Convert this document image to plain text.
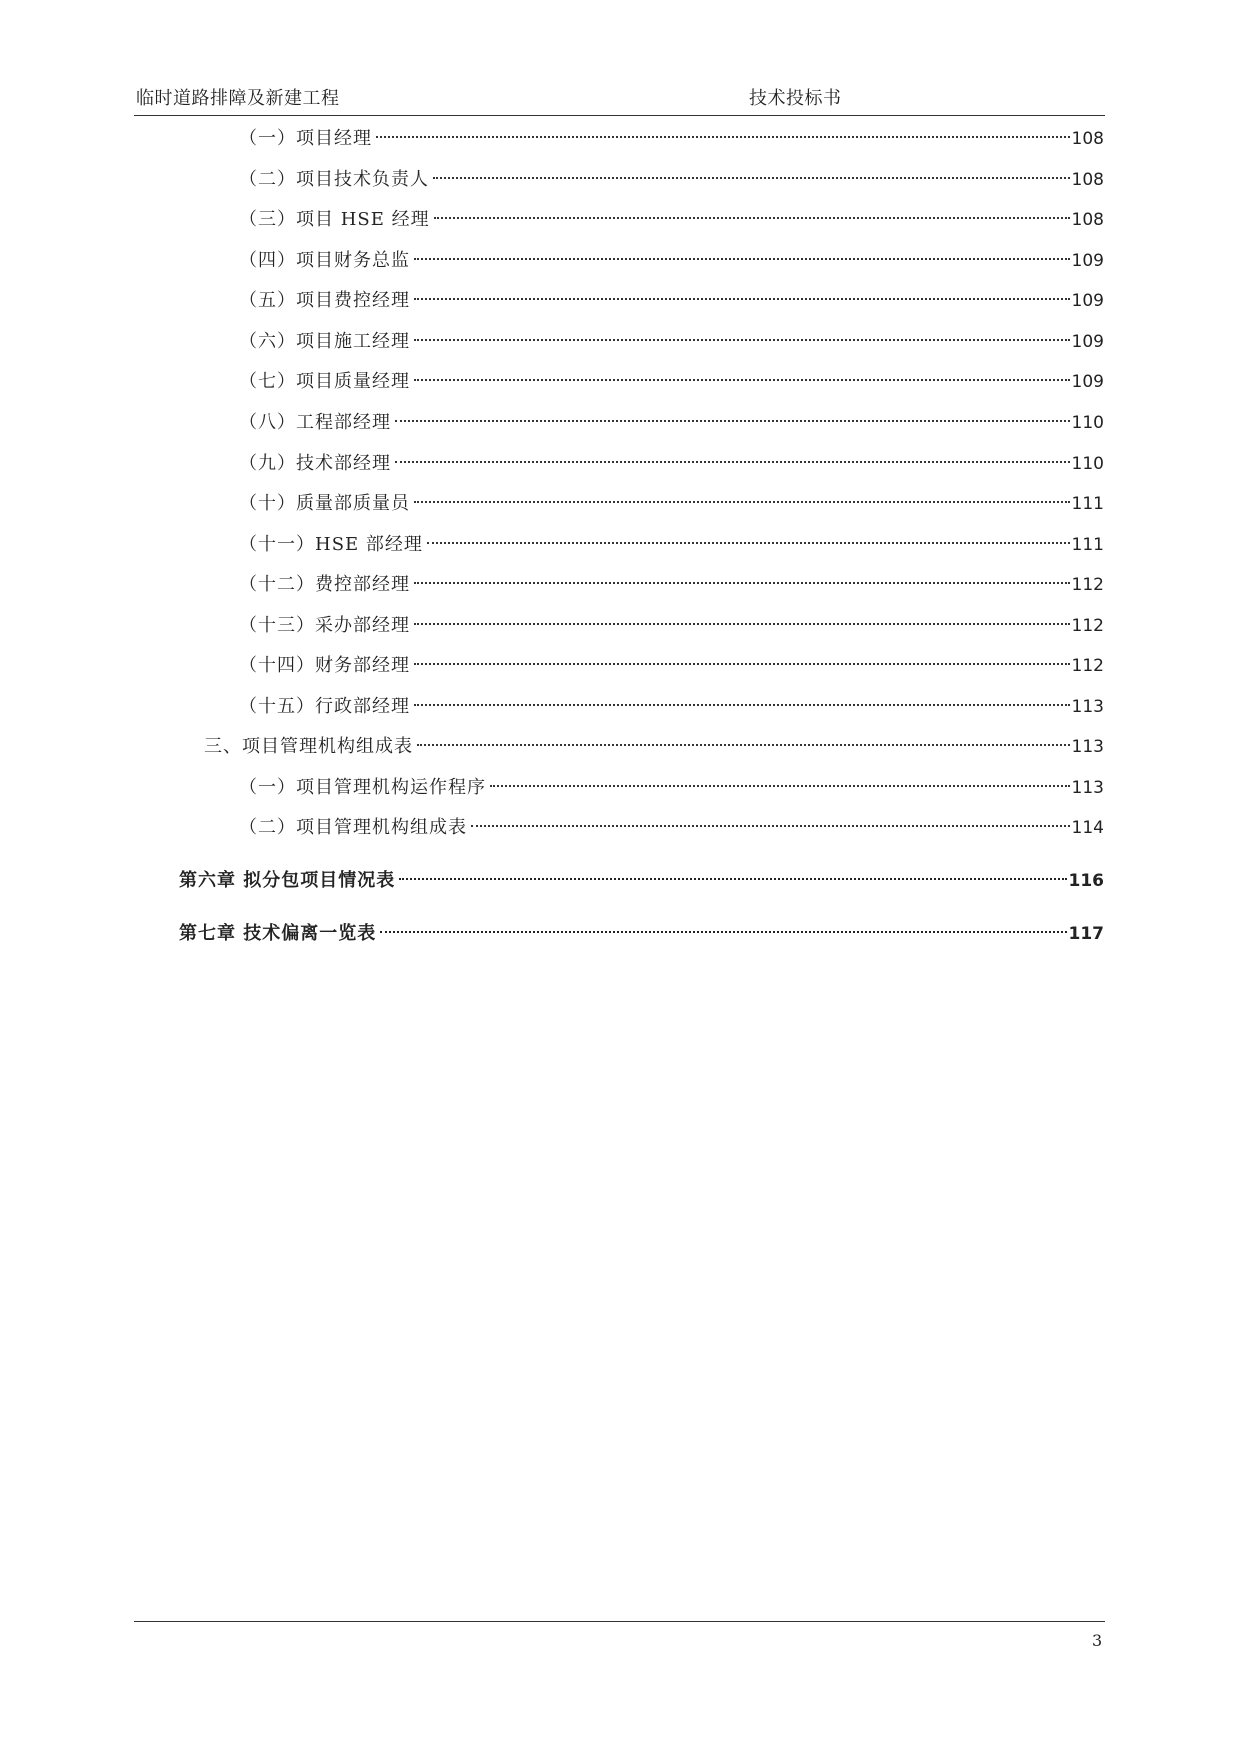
临时道路排障及新建工程	技术投标书
（一）项目经理	108
（二）项目技术负责人	108
（三）项目 HSE 经理	108
（四）项目财务总监	109
（五）项目费控经理	109
（六）项目施工经理	109
（七）项目质量经理	109
（八）工程部经理	110
（九）技术部经理	110
（十）质量部质量员	111
（十一）HSE 部经理	111
（十二）费控部经理	112
（十三）采办部经理	112
（十四）财务部经理	112
（十五）行政部经理	113
三、项目管理机构组成表	113
（一）项目管理机构运作程序	113
（二）项目管理机构组成表	114
第六章 拟分包项目情况表	116
第七章 技术偏离一览表	117
3
